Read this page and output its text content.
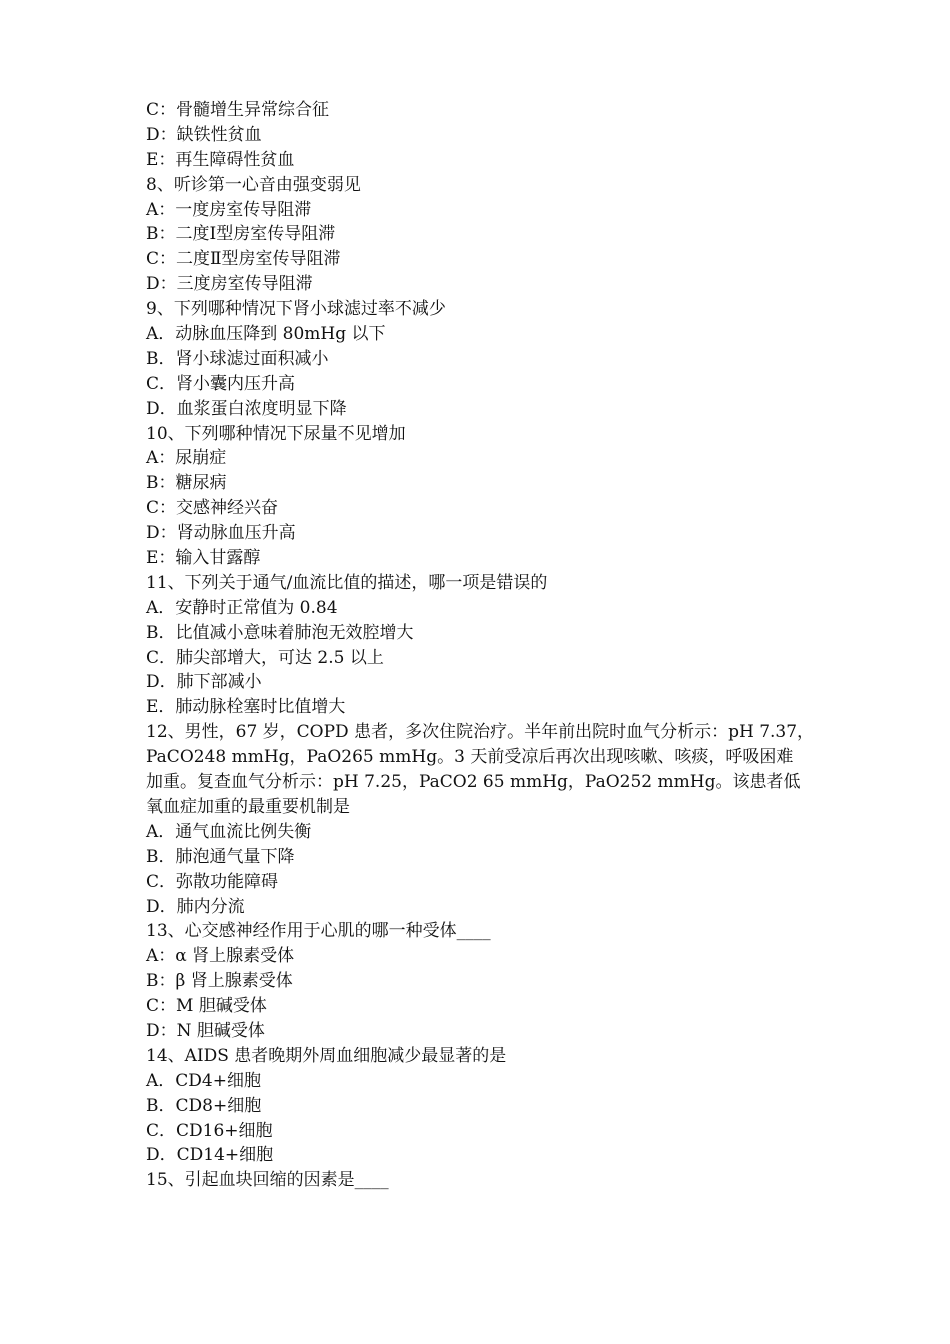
C：骨髓增生异常综合征

D：缺铁性贫血

E：再生障碍性贫血

8、听诊第一心音由强变弱见

A：一度房室传导阻滞

B：二度Ⅰ型房室传导阻滞

C：二度Ⅱ型房室传导阻滞

D：三度房室传导阻滞

9、下列哪种情况下肾小球滤过率不减少

A．动脉血压降到 80mHg 以下

B．肾小球滤过面积减小

C．肾小囊内压升高

D．血浆蛋白浓度明显下降

10、下列哪种情况下尿量不见增加

A：尿崩症

B：糖尿病

C：交感神经兴奋

D：肾动脉血压升高

E：输入甘露醇

11、下列关于通气/血流比值的描述，哪一项是错误的

A．安静时正常值为 0.84

B．比值减小意味着肺泡无效腔增大

C．肺尖部增大，可达 2.5 以上

D．肺下部减小

E．肺动脉栓塞时比值增大

12、男性，67 岁，COPD 患者，多次住院治疗。半年前出院时血气分析示：pH 7.37，

PaCO248 mmHg，PaO265 mmHg。3 天前受凉后再次出现咳嗽、咳痰，呼吸困难

加重。复查血气分析示：pH 7.25，PaCO2 65 mmHg，PaO252 mmHg。该患者低

氧血症加重的最重要机制是

A．通气血流比例失衡

B．肺泡通气量下降

C．弥散功能障碍

D．肺内分流

13、心交感神经作用于心肌的哪一种受体____

A：α 肾上腺素受体

B：β 肾上腺素受体

C：M 胆碱受体

D：N 胆碱受体

14、AIDS 患者晚期外周血细胞减少最显著的是

A．CD4+细胞

B．CD8+细胞

C．CD16+细胞

D．CD14+细胞

15、引起血块回缩的因素是____
